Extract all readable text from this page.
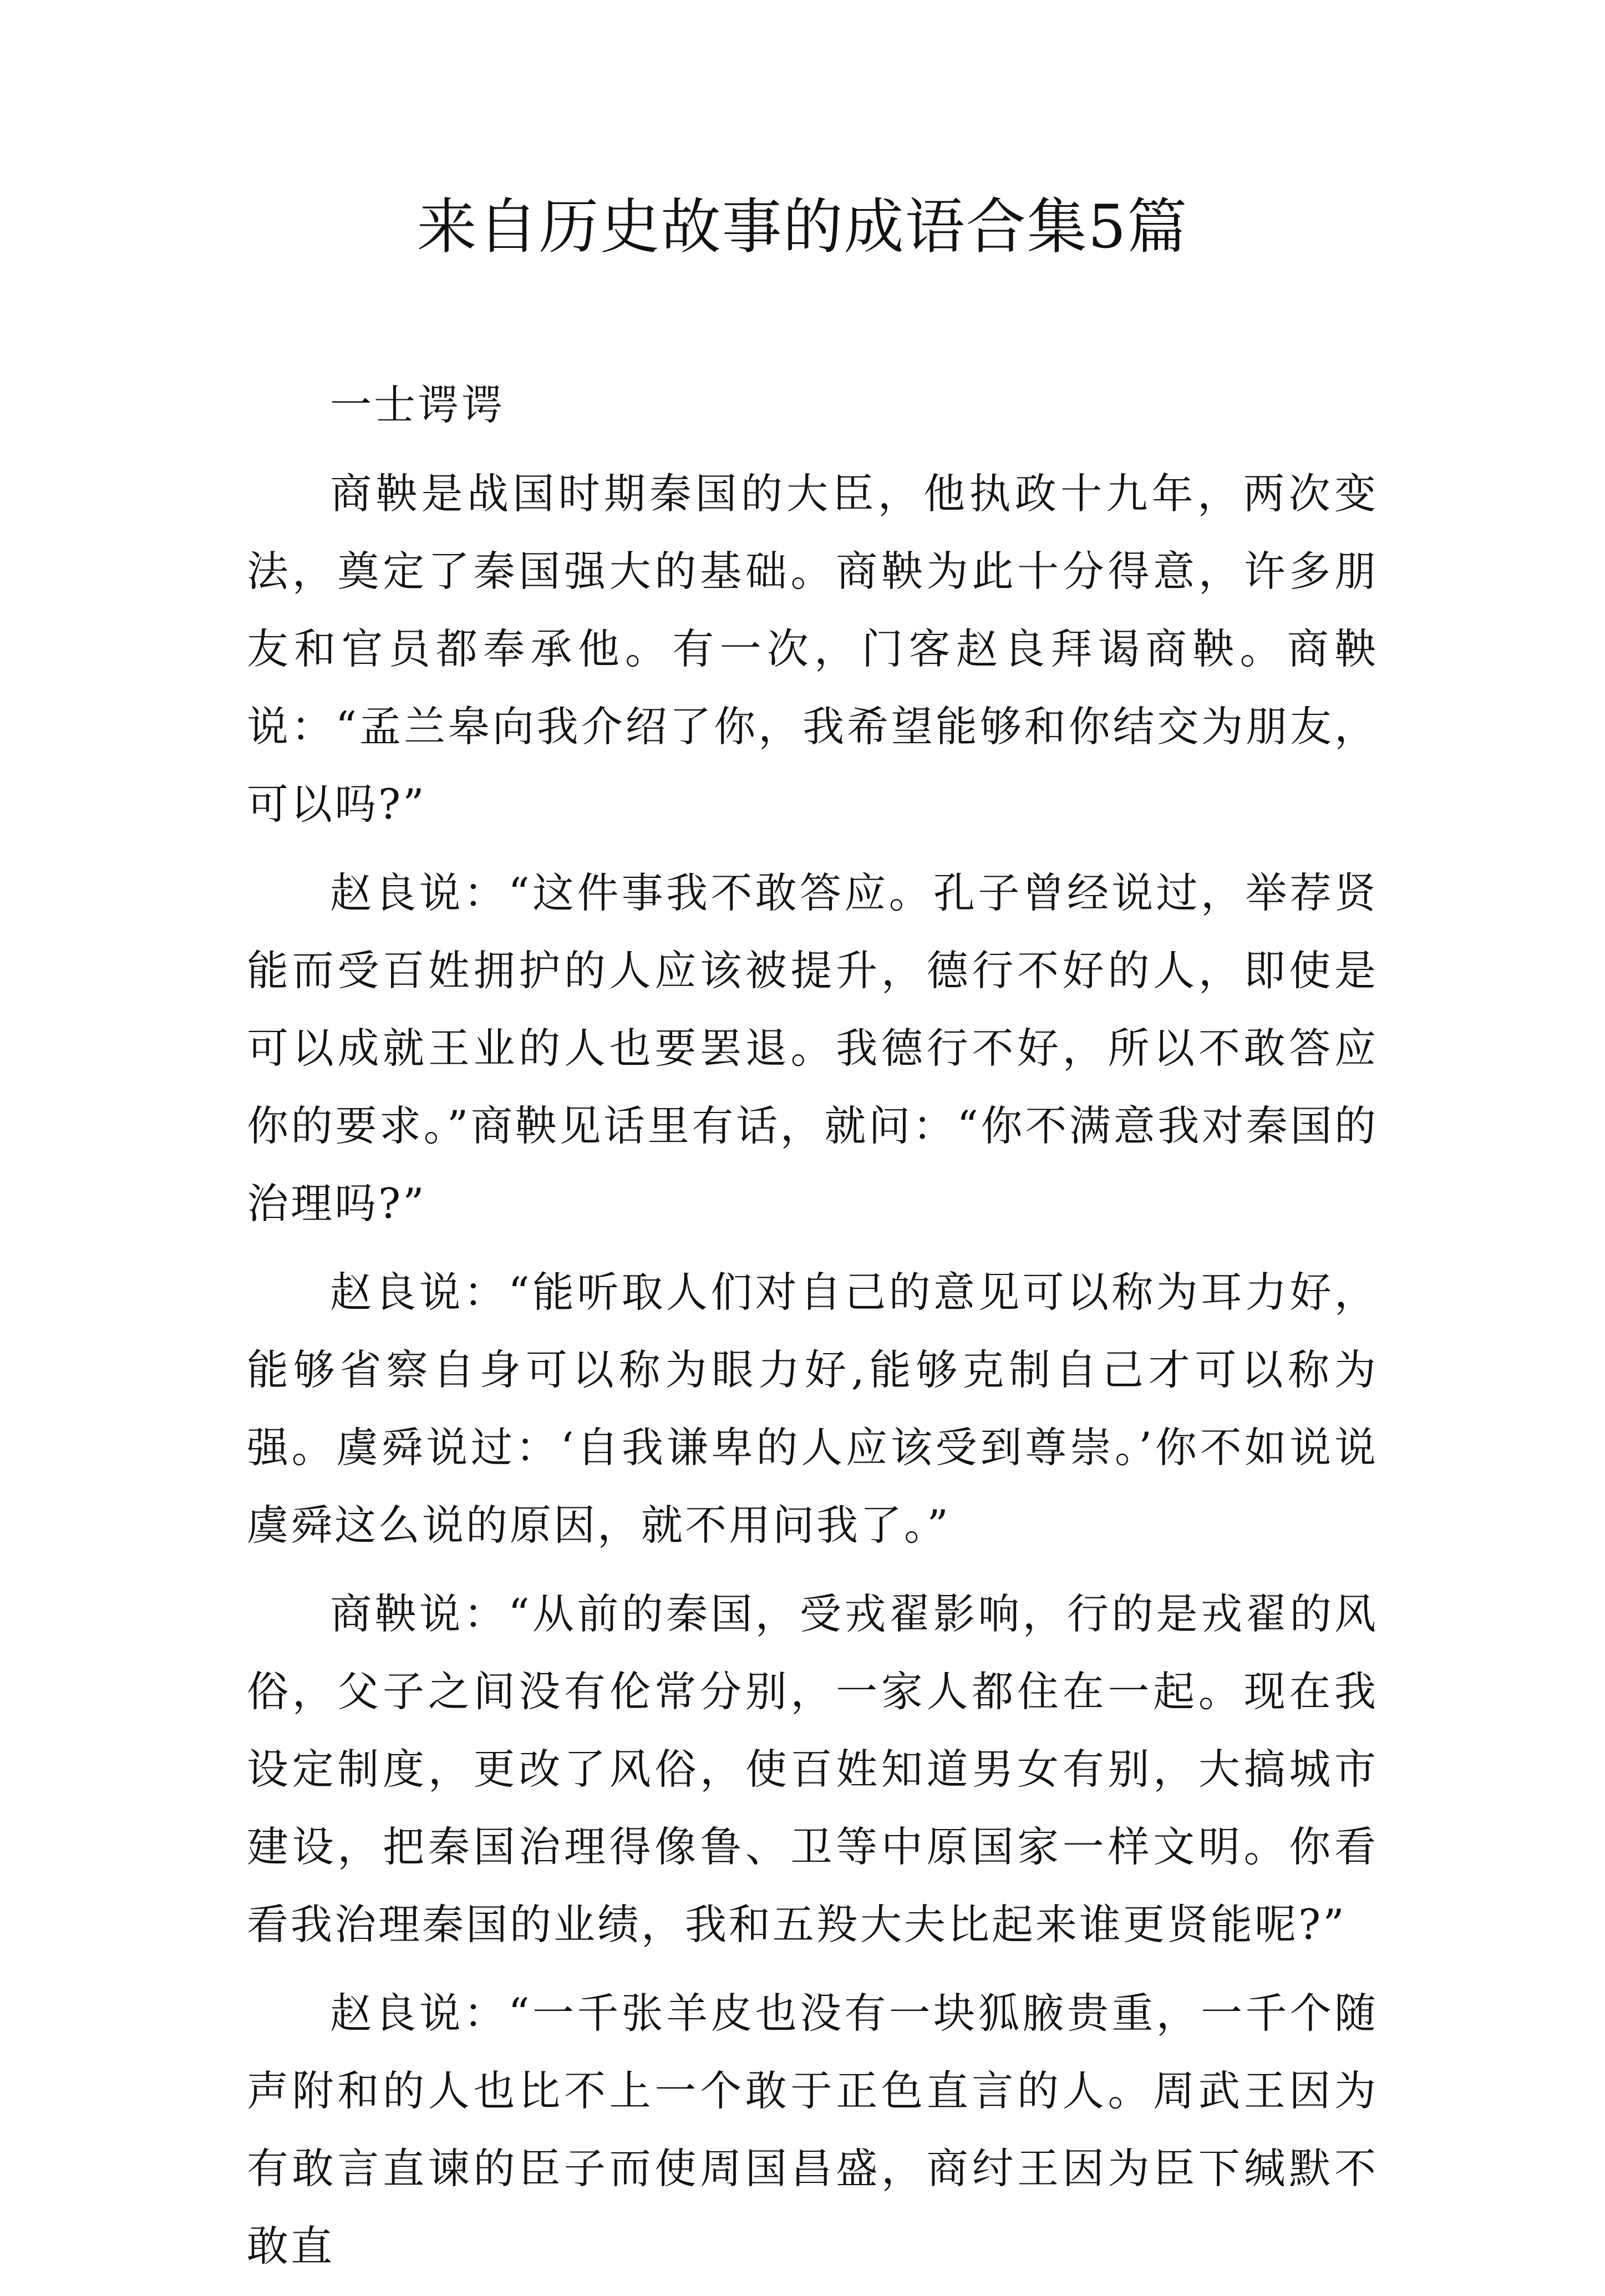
来自历史故事的成语合集5篇

一士谔谔

商鞅是战国时期秦国的大臣，他执政十九年，两次变法，奠定了秦国强大的基础。商鞅为此十分得意，许多朋友和官员都奉承他。有一次，门客赵良拜谒商鞅。商鞅说：“孟兰皋向我介绍了你，我希望能够和你结交为朋友，可以吗?”

赵良说：“这件事我不敢答应。孔子曾经说过，举荐贤能而受百姓拥护的人应该被提升，德行不好的人，即使是可以成就王业的人也要罢退。我德行不好，所以不敢答应你的要求。”商鞅见话里有话，就问：“你不满意我对秦国的治理吗?”

赵良说：“能听取人们对自己的意见可以称为耳力好，能够省察自身可以称为眼力好,能够克制自己才可以称为强。虞舜说过：‘自我谦卑的人应该受到尊崇。’你不如说说虞舜这么说的原因，就不用问我了。”

商鞅说：“从前的秦国，受戎翟影响，行的是戎翟的风俗，父子之间没有伦常分别，一家人都住在一起。现在我设定制度，更改了风俗，使百姓知道男女有别，大搞城市建设，把秦国治理得像鲁、卫等中原国家一样文明。你看看我治理秦国的业绩，我和五羖大夫比起来谁更贤能呢?”

赵良说：“一千张羊皮也没有一块狐腋贵重，一千个随声附和的人也比不上一个敢于正色直言的人。周武王因为有敢言直谏的臣子而使周国昌盛，商纣王因为臣下缄默不敢直
